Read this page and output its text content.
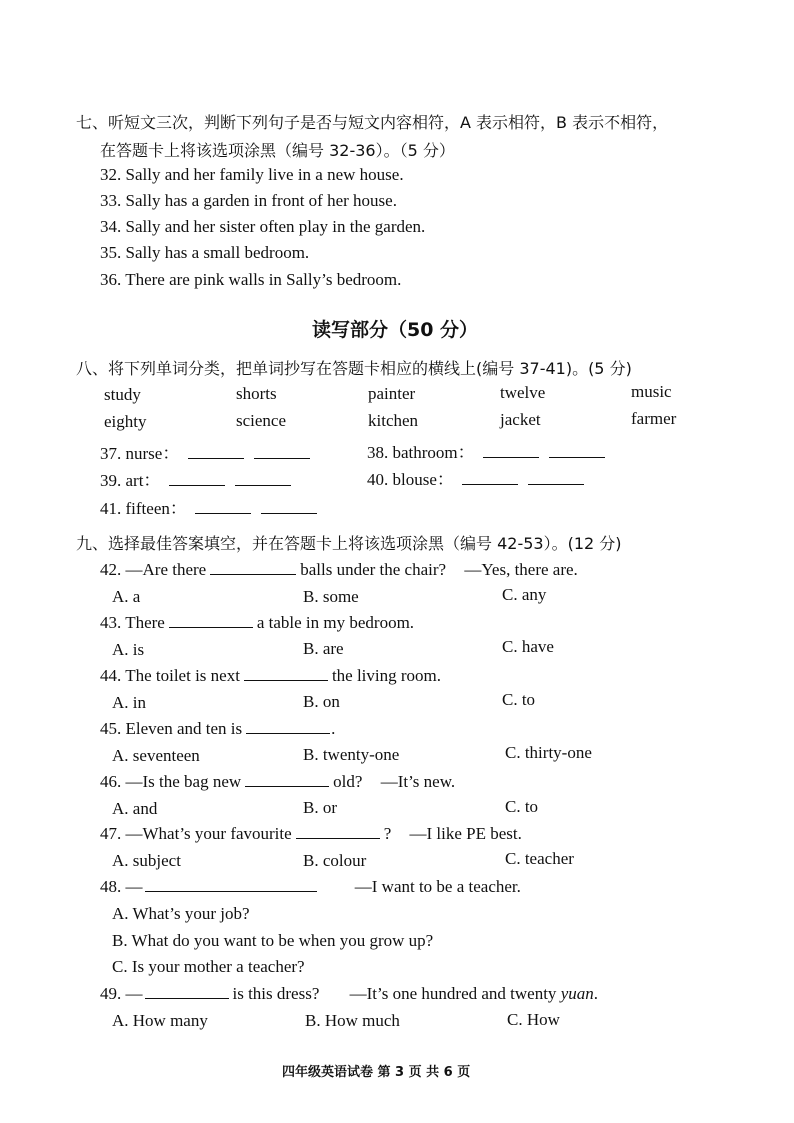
七、听短文三次，判断下列句子是否与短文内容相符，A 表示相符，B 表示不相符，
在答题卡上将该选项涂黑（编号 32-36）。（5 分）
32. Sally and her family live in a new house.
33. Sally has a garden in front of her house.
34. Sally and her sister often play in the garden.
35. Sally has a small bedroom.
36. There are pink walls in Sally’s bedroom.
读写部分（50 分）
八、将下列单词分类，把单词抄写在答题卡相应的横线上(编号 37-41)。(5 分)
study	shorts	painter	twelve	music
eighty	science	kitchen	jacket	farmer
37. nurse：	38. bathroom：
39. art：	40. blouse：
41. fifteen：
九、选择最佳答案填空，并在答题卡上将该选项涂黑（编号 42-53）。(12 分)
42. —Are there	balls under the chair? —Yes, there are.
A. a	B. some	C. any
43. There	a table in my bedroom.
A. is	B. are	C. have
44. The toilet is next	the living room.
A. in	B. on	C. to
45. Eleven and ten is	.
A. seventeen	B. twenty-one	C. thirty-one
46. —Is the bag new	old? —It’s new.
A. and	B. or	C. to
47. —What’s your favourite	? —I like PE best.
A. subject	B. colour	C. teacher
48. —	—I want to be a teacher.
A. What’s your job?
B. What do you want to be when you grow up?
C. Is your mother a teacher?
49. —	is this dress? —It’s one hundred and twenty yuan.
A. How many	B. How much	C. How
四年级英语试卷 第 3 页 共 6 页
